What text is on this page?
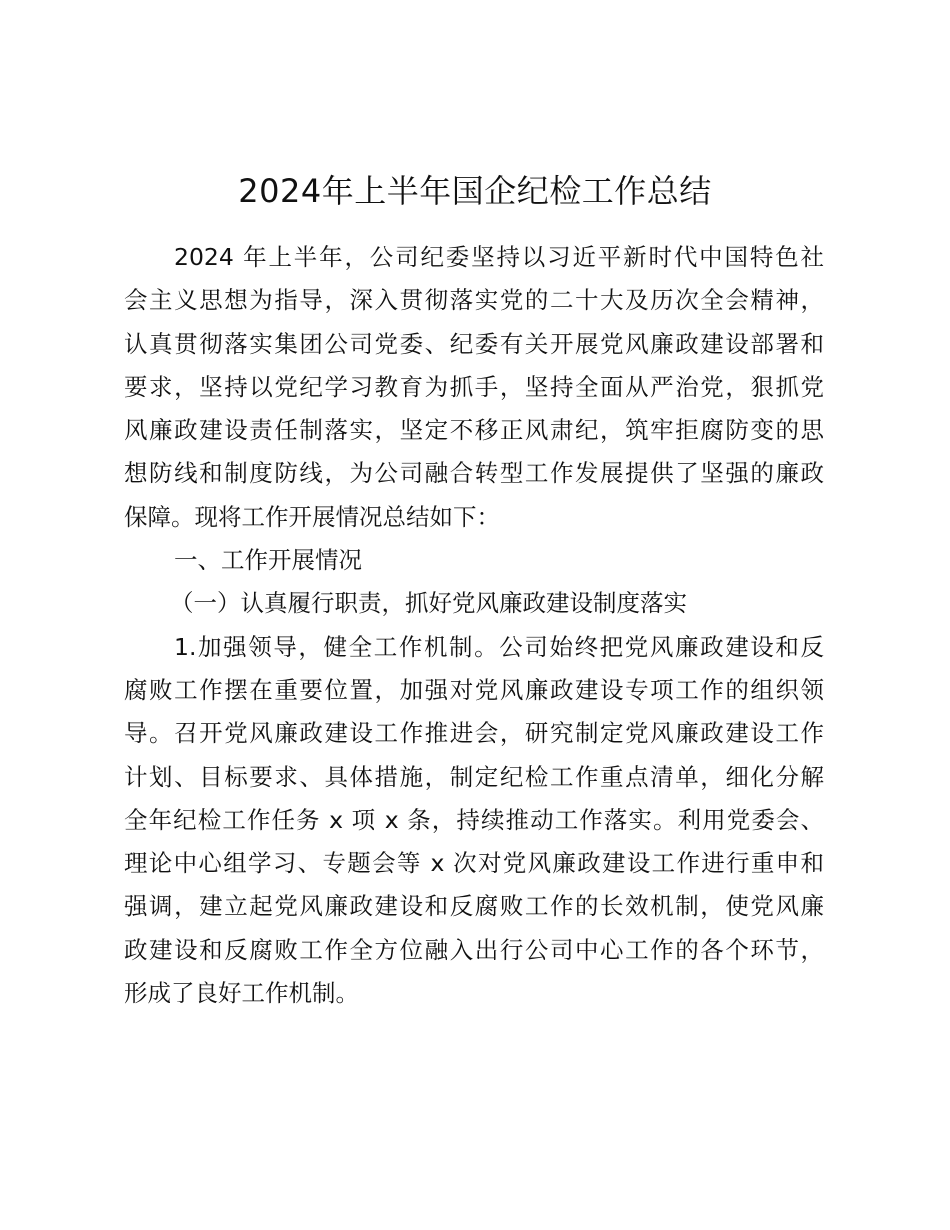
2024年上半年国企纪检工作总结
2024 年上半年，公司纪委坚持以习近平新时代中国特色社
会主义思想为指导，深入贯彻落实党的二十大及历次全会精神，
认真贯彻落实集团公司党委、纪委有关开展党风廉政建设部署和
要求，坚持以党纪学习教育为抓手，坚持全面从严治党，狠抓党
风廉政建设责任制落实，坚定不移正风肃纪，筑牢拒腐防变的思
想防线和制度防线，为公司融合转型工作发展提供了坚强的廉政
保障。现将工作开展情况总结如下：
一、工作开展情况
（一）认真履行职责，抓好党风廉政建设制度落实
1.加强领导，健全工作机制。公司始终把党风廉政建设和反
腐败工作摆在重要位置，加强对党风廉政建设专项工作的组织领
导。召开党风廉政建设工作推进会，研究制定党风廉政建设工作
计划、目标要求、具体措施，制定纪检工作重点清单，细化分解
全年纪检工作任务 x 项 x 条，持续推动工作落实。利用党委会、
理论中心组学习、专题会等 x 次对党风廉政建设工作进行重申和
强调，建立起党风廉政建设和反腐败工作的长效机制，使党风廉
政建设和反腐败工作全方位融入出行公司中心工作的各个环节，
形成了良好工作机制。
